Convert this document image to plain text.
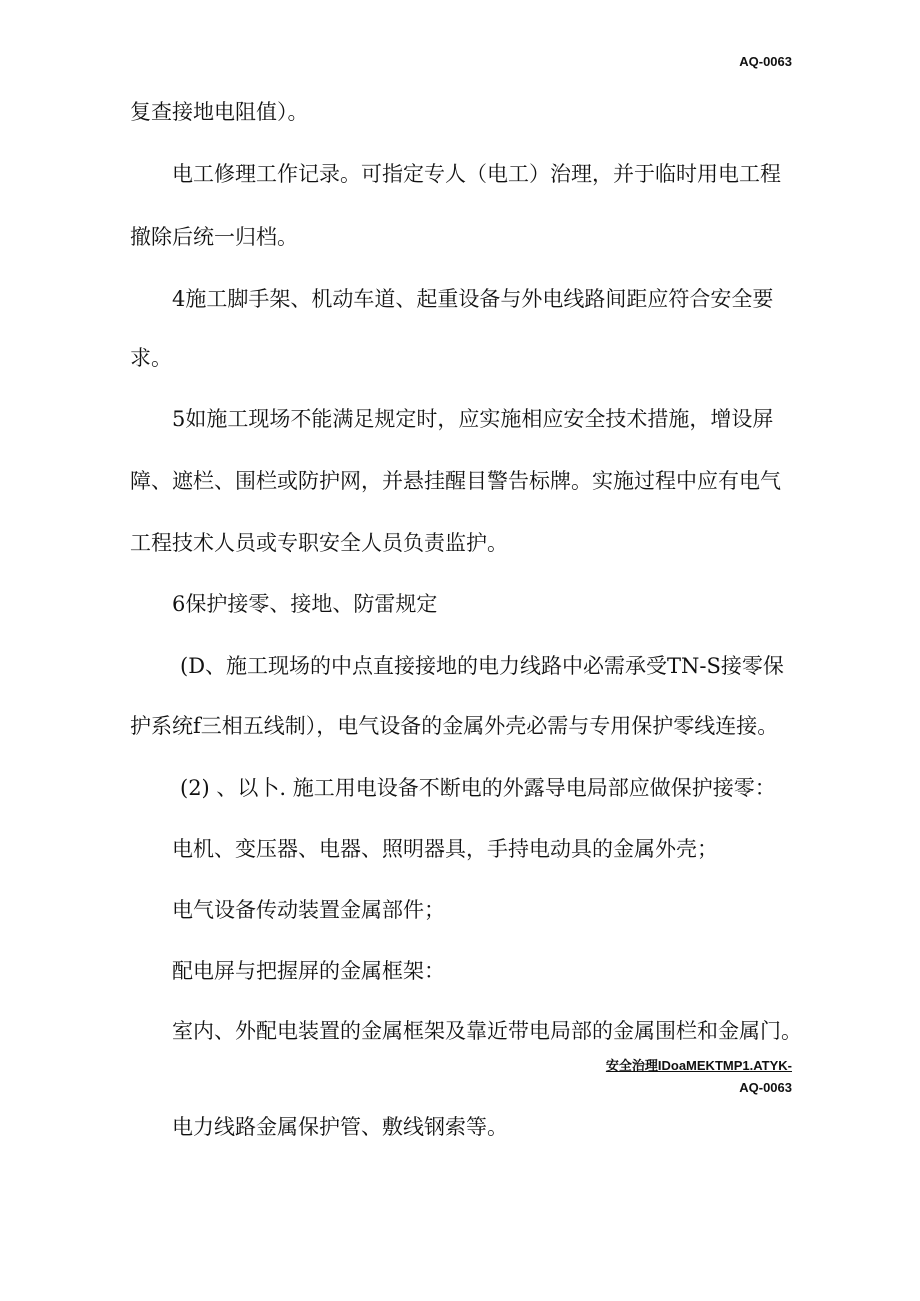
AQ-0063
复查接地电阻值）。
电工修理工作记录。可指定专人（电工）治理，并于临时用电工程
撤除后统一归档。
4施工脚手架、机动车道、起重设备与外电线路间距应符合安全要
求。
5如施工现场不能满足规定时，应实施相应安全技术措施，增设屏
障、遮栏、围栏或防护网，并悬挂醒目警告标牌。实施过程中应有电气
工程技术人员或专职安全人员负责监护。
6保护接零、接地、防雷规定
(D、施工现场的中点直接接地的电力线路中必需承受TN-S接零保
护系统f三相五线制），电气设备的金属外壳必需与专用保护零线连接。
(2) 、以卜. 施工用电设备不断电的外露导电局部应做保护接零：
电机、变压器、电器、照明器具，手持电动具的金属外壳；
电气设备传动装置金属部件；
配电屏与把握屏的金属框架：
室内、外配电装置的金属框架及靠近带电局部的金属围栏和金属门。
安全治理IDoaMEKTMP1.ATYK-
AQ-0063
电力线路金属保护管、敷线钢索等。
